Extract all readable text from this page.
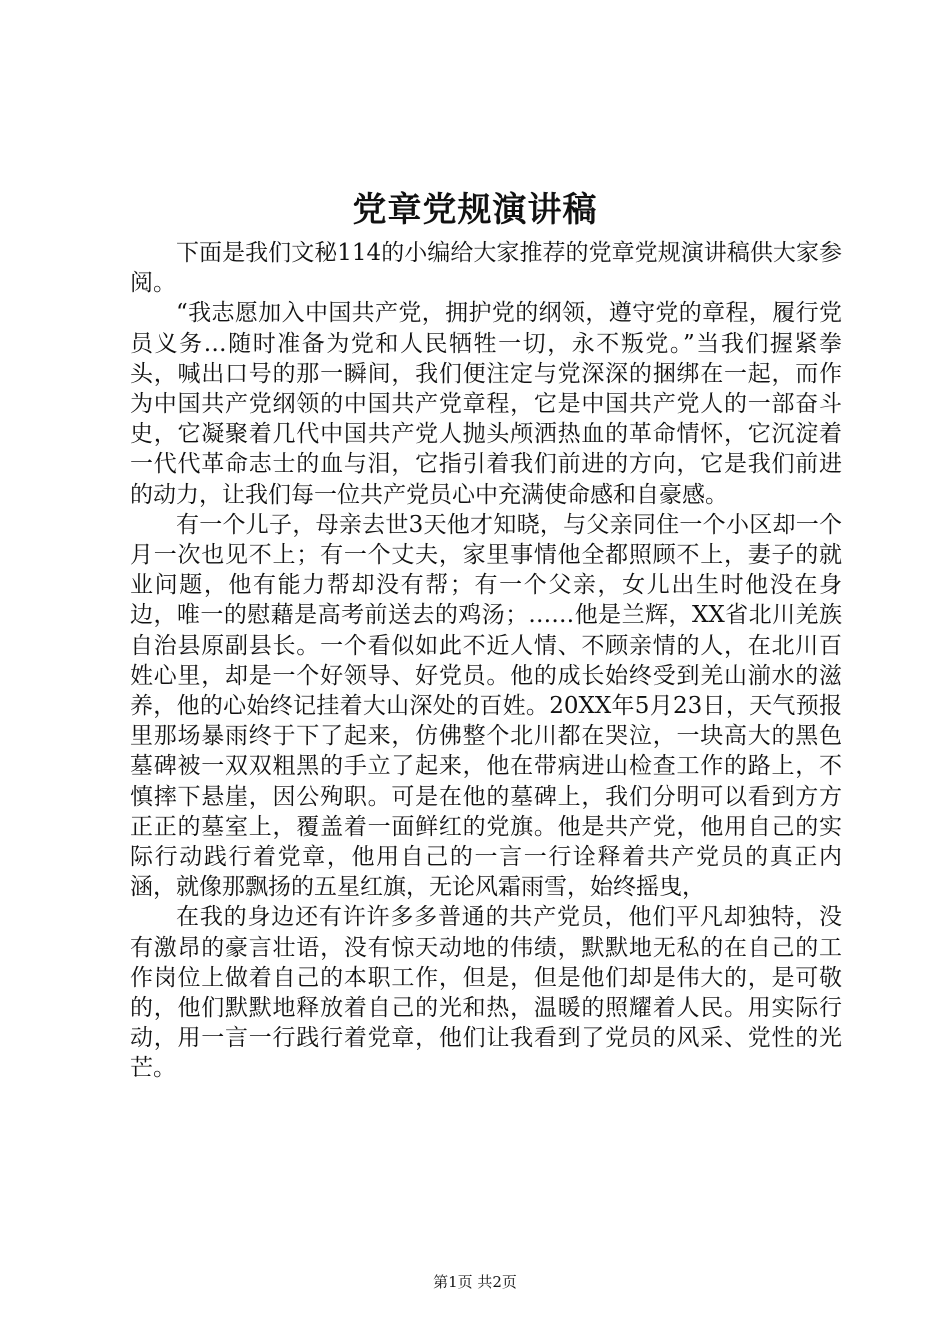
党章党规演讲稿

下面是我们文秘114的小编给大家推荐的党章党规演讲稿供大家参阅。

“我志愿加入中国共产党，拥护党的纲领，遵守党的章程，履行党员义务…随时准备为党和人民牺牲一切，永不叛党。”当我们握紧拳头，喊出口号的那一瞬间，我们便注定与党深深的捆绑在一起，而作为中国共产党纲领的中国共产党章程，它是中国共产党人的一部奋斗史，它凝聚着几代中国共产党人抛头颅洒热血的革命情怀，它沉淀着一代代革命志士的血与泪，它指引着我们前进的方向，它是我们前进的动力，让我们每一位共产党员心中充满使命感和自豪感。

有一个儿子，母亲去世3天他才知晓，与父亲同住一个小区却一个月一次也见不上；有一个丈夫，家里事情他全都照顾不上，妻子的就业问题，他有能力帮却没有帮；有一个父亲，女儿出生时他没在身边，唯一的慰藉是高考前送去的鸡汤；……他是兰辉，XX省北川羌族自治县原副县长。一个看似如此不近人情、不顾亲情的人，在北川百姓心里，却是一个好领导、好党员。他的成长始终受到羌山湔水的滋养，他的心始终记挂着大山深处的百姓。20XX年5月23日，天气预报里那场暴雨终于下了起来，仿佛整个北川都在哭泣，一块高大的黑色墓碑被一双双粗黑的手立了起来，他在带病进山检查工作的路上，不慎摔下悬崖，因公殉职。可是在他的墓碑上，我们分明可以看到方方正正的墓室上，覆盖着一面鲜红的党旗。他是共产党，他用自己的实际行动践行着党章，他用自己的一言一行诠释着共产党员的真正内涵，就像那飘扬的五星红旗，无论风霜雨雪，始终摇曳，

在我的身边还有许许多多普通的共产党员，他们平凡却独特，没有激昂的豪言壮语，没有惊天动地的伟绩，默默地无私的在自己的工作岗位上做着自己的本职工作，但是，但是他们却是伟大的，是可敬的，他们默默地释放着自己的光和热，温暖的照耀着人民。用实际行动，用一言一行践行着党章，他们让我看到了党员的风采、党性的光芒。

第1页 共2页
